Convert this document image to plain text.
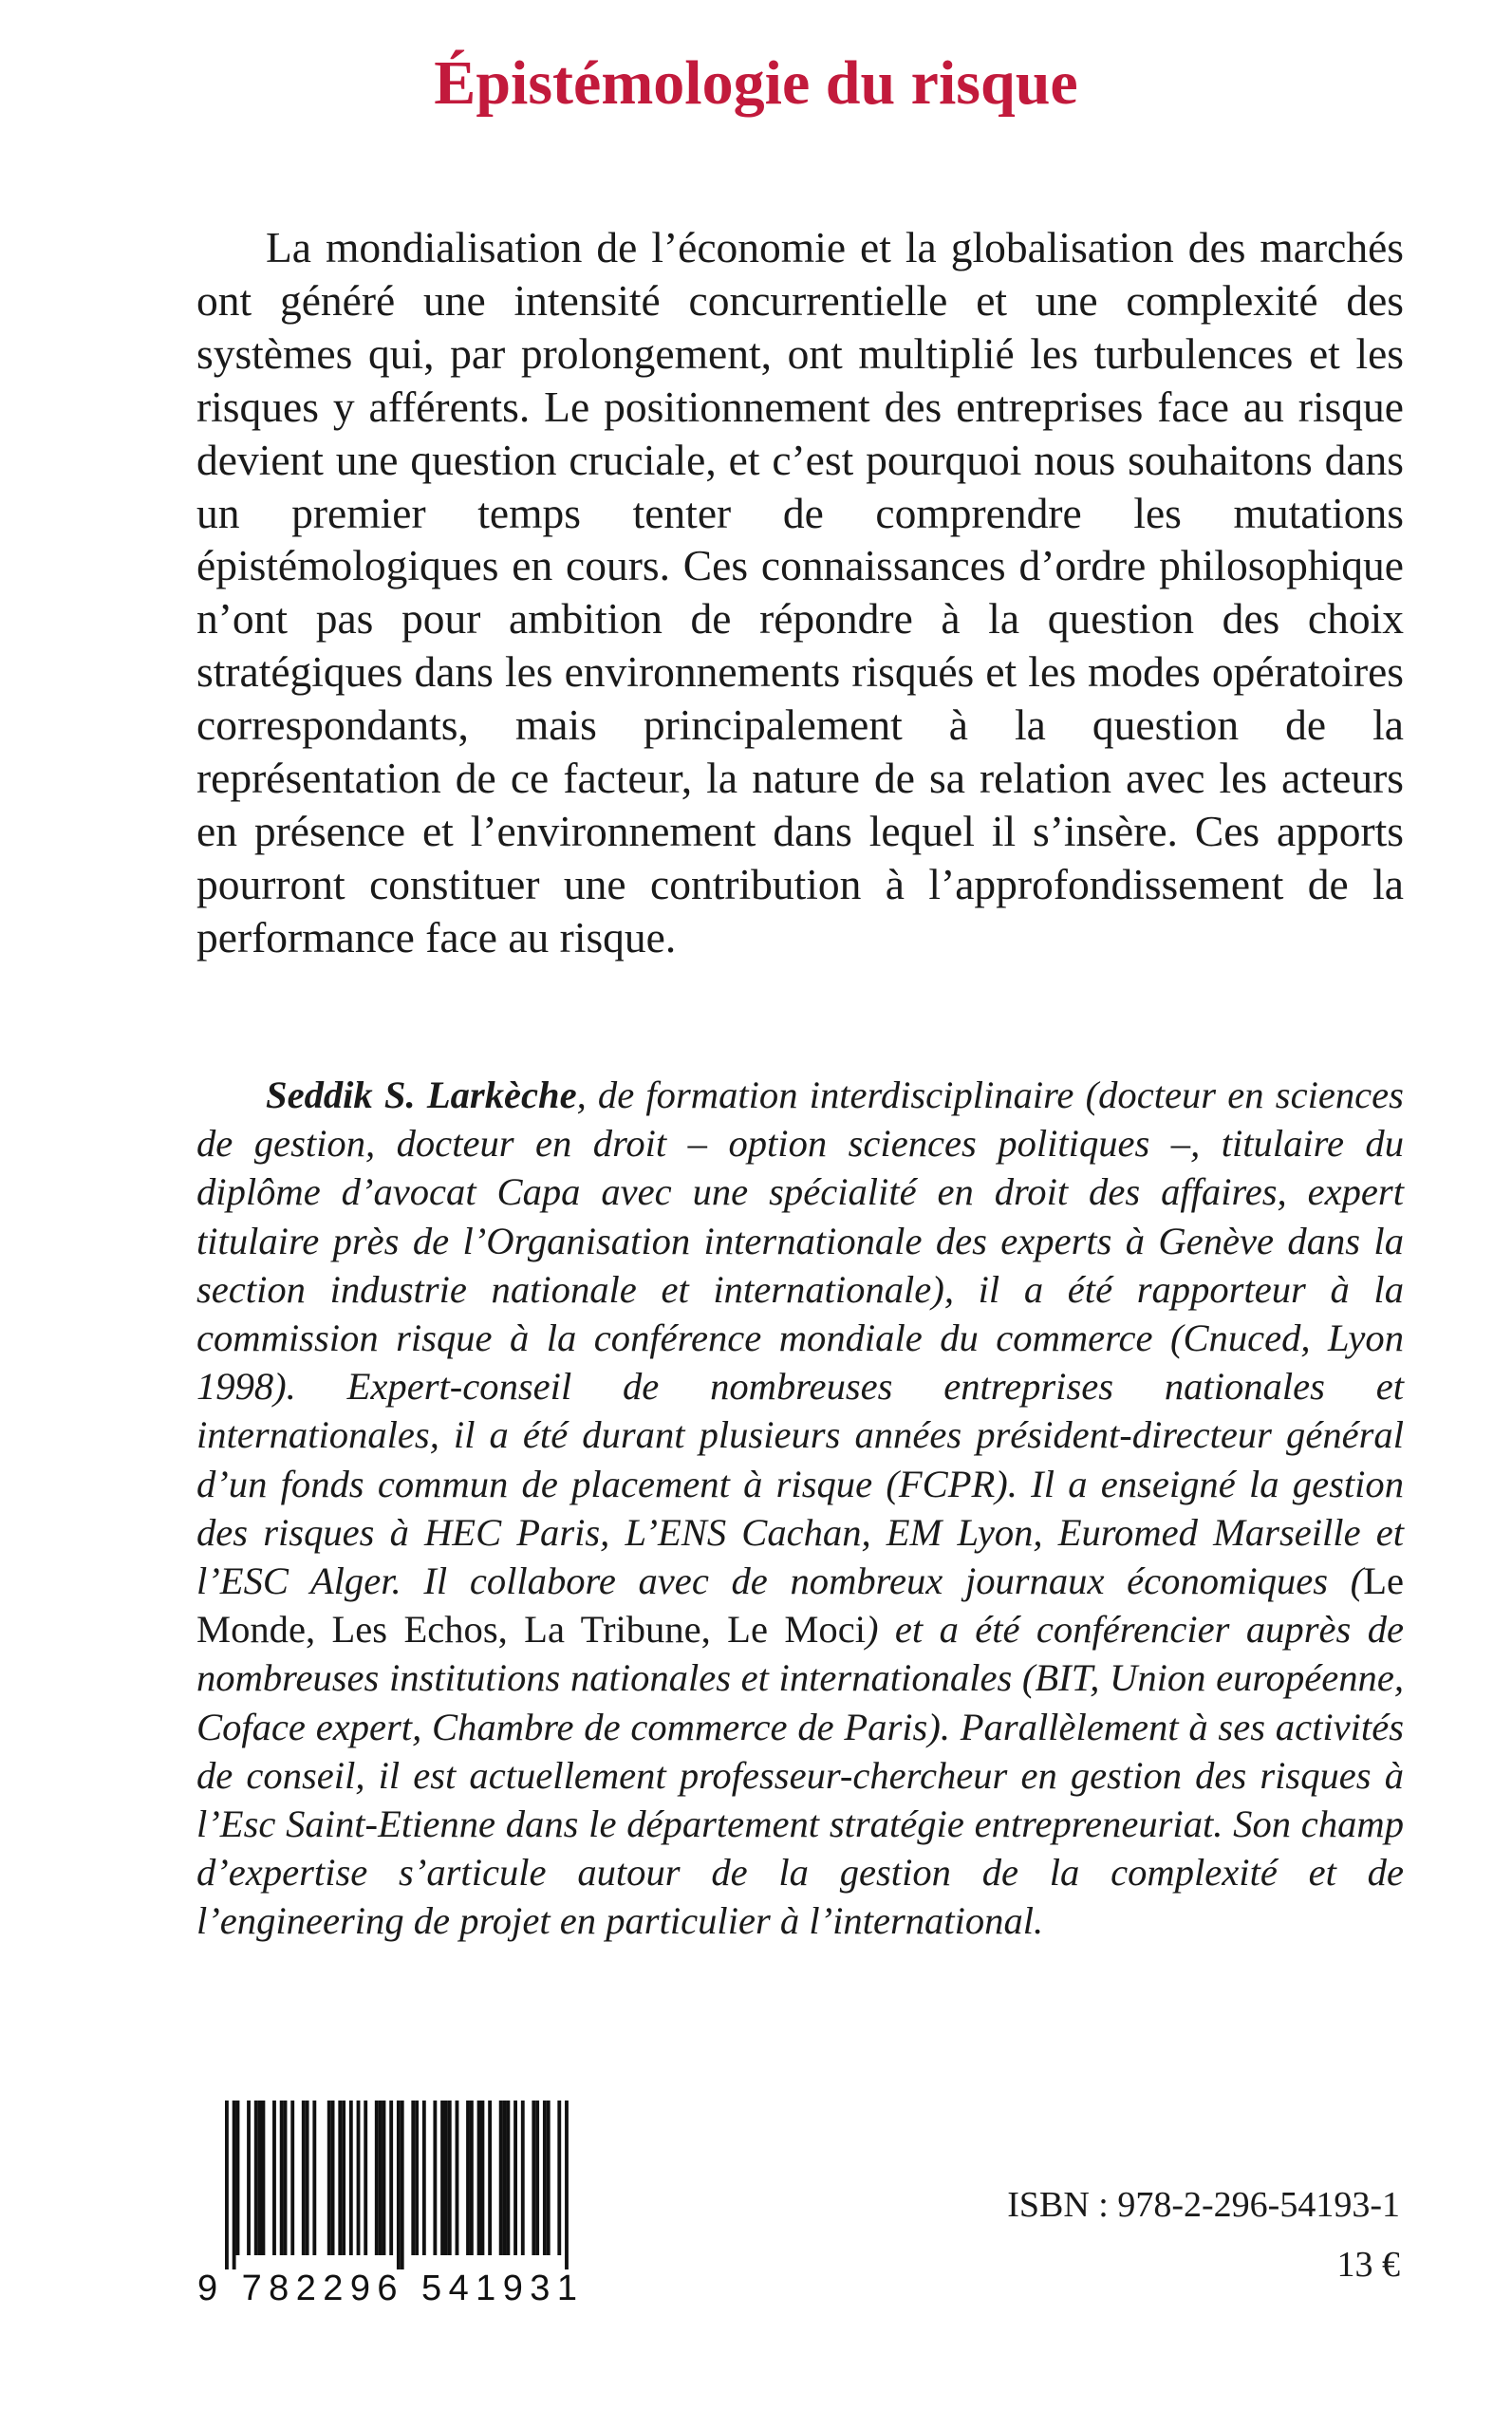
Épistémologie du risque

La mondialisation de l’économie et la globalisation des marchés ont généré une intensité concurrentielle et une complexité des systèmes qui, par prolongement, ont multiplié les turbulences et les risques y afférents. Le positionnement des entreprises face au risque devient une question cruciale, et c’est pourquoi nous souhaitons dans un premier temps tenter de comprendre les mutations épistémologiques en cours. Ces connaissances d’ordre philosophique n’ont pas pour ambition de répondre à la question des choix stratégiques dans les environnements risqués et les modes opératoires correspondants, mais principalement à la question de la représentation de ce facteur, la nature de sa relation avec les acteurs en présence et l’environnement dans lequel il s’insère. Ces apports pourront constituer une contribution à l’approfondissement de la performance face au risque.

Seddik S. Larkèche, de formation interdisciplinaire (docteur en sciences de gestion, docteur en droit – option sciences politiques –, titulaire du diplôme d’avocat Capa avec une spécialité en droit des affaires, expert titulaire près de l’Organisation internationale des experts à Genève dans la section industrie nationale et internationale), il a été rapporteur à la commission risque à la conférence mondiale du commerce (Cnuced, Lyon 1998). Expert-conseil de nombreuses entreprises nationales et internationales, il a été durant plusieurs années président-directeur général d’un fonds commun de placement à risque (FCPR). Il a enseigné la gestion des risques à HEC Paris, L’ENS Cachan, EM Lyon, Euromed Marseille et l’ESC Alger. Il collabore avec de nombreux journaux économiques (Le Monde, Les Echos, La Tribune, Le Moci) et a été conférencier auprès de nombreuses institutions nationales et internationales (BIT, Union européenne, Coface expert, Chambre de commerce de Paris). Parallèlement à ses activités de conseil, il est actuellement professeur-chercheur en gestion des risques à l’Esc Saint-Etienne dans le département stratégie entrepreneuriat. Son champ d’expertise s’articule autour de la gestion de la complexité et de l’engineering de projet en particulier à l’international.

9 782296 541931

ISBN : 978-2-296-54193-1

13 €
